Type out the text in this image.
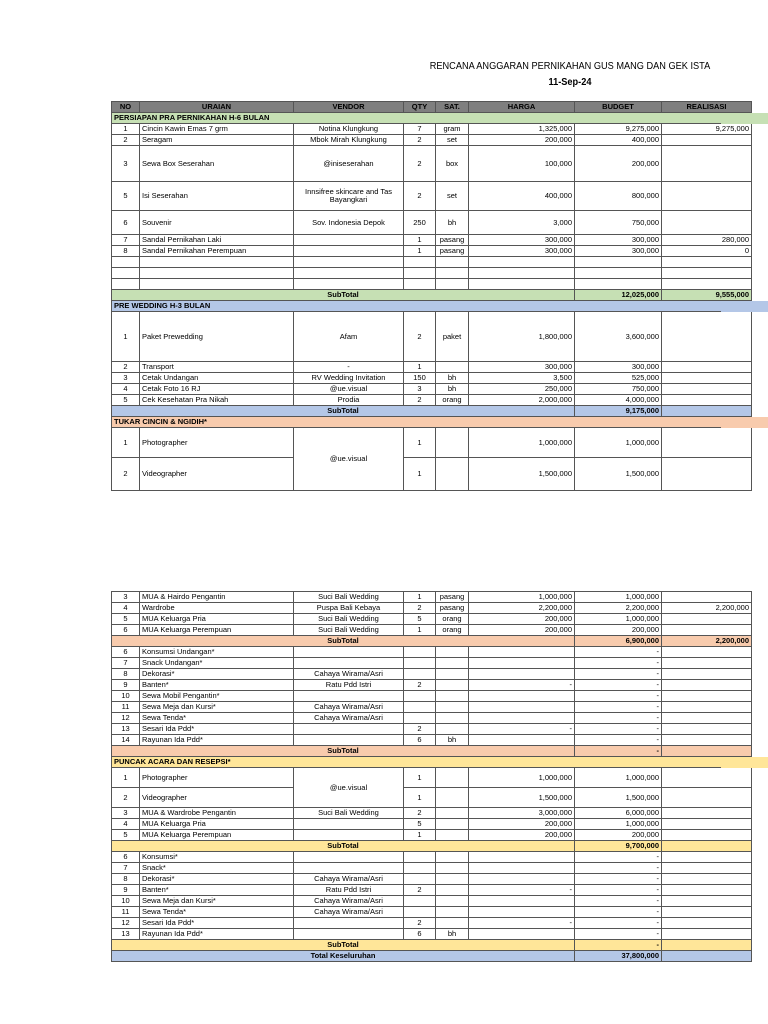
RENCANA ANGGARAN PERNIKAHAN GUS MANG DAN GEK ISTA
11-Sep-24
NO	URAIAN	VENDOR	QTY	SAT.	HARGA	BUDGET	REALISASI
PERSIAPAN PRA PERNIKAHAN H-6 BULAN							
1	Cincin Kawin Emas 7 grm	Notina Klungkung	7	gram	1,325,000	9,275,000	9,275,000
2	Seragam	Mbok Mirah Klungkung	2	set	200,000	400,000	
3	Sewa Box Seserahan	@iniseserahan	2	box	100,000	200,000	
5	Isi Seserahan	Innsifree skincare and Tas Bayangkari	2	set	400,000	800,000	
6	Souvenir	Sov. Indonesia Depok	250	bh	3,000	750,000	
7	Sandal Pernikahan Laki		1	pasang	300,000	300,000	280,000
8	Sandal Pernikahan Perempuan		1	pasang	300,000	300,000	0

SubTotal						12,025,000	9,555,000
PRE WEDDING H-3 BULAN							
1	Paket Prewedding	Afam	2	paket	1,800,000	3,600,000	
2	Transport	-	1		300,000	300,000	
3	Cetak Undangan	RV Wedding Invitation	150	bh	3,500	525,000	
4	Cetak Foto 16 RJ	@ue.visual	3	bh	250,000	750,000	
5	Cek Kesehatan Pra Nikah	Prodia	2	orang	2,000,000	4,000,000	
SubTotal						9,175,000	
TUKAR CINCIN & NGIDIH*							
1	Photographer	@ue.visual	1		1,000,000	1,000,000	
2	Videographer		1		1,500,000	1,500,000	
3	MUA & Hairdo Pengantin	Suci Bali Wedding	1	pasang	1,000,000	1,000,000	
4	Wardrobe	Puspa Bali Kebaya	2	pasang	2,200,000	2,200,000	2,200,000
5	MUA Keluarga Pria	Suci Bali Wedding	5	orang	200,000	1,000,000	
6	MUA Keluarga Perempuan	Suci Bali Wedding	1	orang	200,000	200,000	
SubTotal						6,900,000	2,200,000
6	Konsumsi Undangan*					-	
7	Snack Undangan*					-	
8	Dekorasi*	Cahaya Wirama/Asri				-	
9	Banten*	Ratu Pdd Istri	2		-	-	
10	Sewa Mobil Pengantin*					-	
11	Sewa Meja dan Kursi*	Cahaya Wirama/Asri				-	
12	Sewa Tenda*	Cahaya Wirama/Asri				-	
13	Sesari Ida Pdd*		2		-	-	
14	Rayunan Ida Pdd*		6	bh		-	
SubTotal						-	
PUNCAK ACARA DAN RESEPSI*							
1	Photographer	@ue.visual	1		1,000,000	1,000,000	
2	Videographer		1		1,500,000	1,500,000	
3	MUA & Wardrobe Pengantin	Suci Bali Wedding	2		3,000,000	6,000,000	
4	MUA Keluarga Pria		5		200,000	1,000,000	
5	MUA Keluarga Perempuan		1		200,000	200,000	
SubTotal						9,700,000	
6	Konsumsi*					-	
7	Snack*					-	
8	Dekorasi*	Cahaya Wirama/Asri				-	
9	Banten*	Ratu Pdd Istri	2		-	-	
10	Sewa Meja dan Kursi*	Cahaya Wirama/Asri				-	
11	Sewa Tenda*	Cahaya Wirama/Asri				-	
12	Sesari Ida Pdd*		2		-	-	
13	Rayunan Ida Pdd*		6	bh		-	
SubTotal						-	
Total Keseluruhan						37,800,000	
